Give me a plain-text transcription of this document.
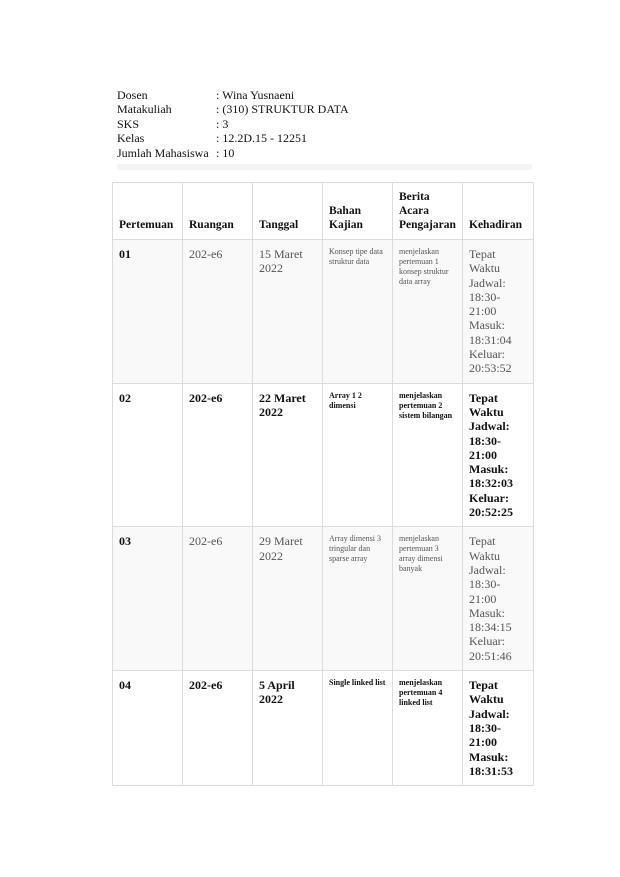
Dosen	: Wina Yusnaeni
Matakuliah	: (310) STRUKTUR DATA
SKS	: 3
Kelas	: 12.2D.15 - 12251
Jumlah Mahasiswa : 10
Pertemuan	Ruangan	Tanggal	Bahan Kajian	Berita Acara Pengajaran	Kehadiran
01	202-e6	15 Maret 2022	Konsep tipe data struktur data	menjelaskan pertemuan 1 konsep struktur data array	Tepat Waktu Jadwal: 18:30-21:00 Masuk: 18:31:04 Keluar: 20:53:52
02	202-e6	22 Maret 2022	Array 1 2 dimensi	menjelaskan pertemuan 2 sistem bilangan	Tepat Waktu Jadwal: 18:30-21:00 Masuk: 18:32:03 Keluar: 20:52:25
03	202-e6	29 Maret 2022	Array dimensi 3 tringular dan sparse array	menjelaskan pertemuan 3 array dimensi banyak	Tepat Waktu Jadwal: 18:30-21:00 Masuk: 18:34:15 Keluar: 20:51:46
04	202-e6	5 April 2022	Single linked list	menjelaskan pertemuan 4 linked list	Tepat Waktu Jadwal: 18:30-21:00 Masuk: 18:31:53
